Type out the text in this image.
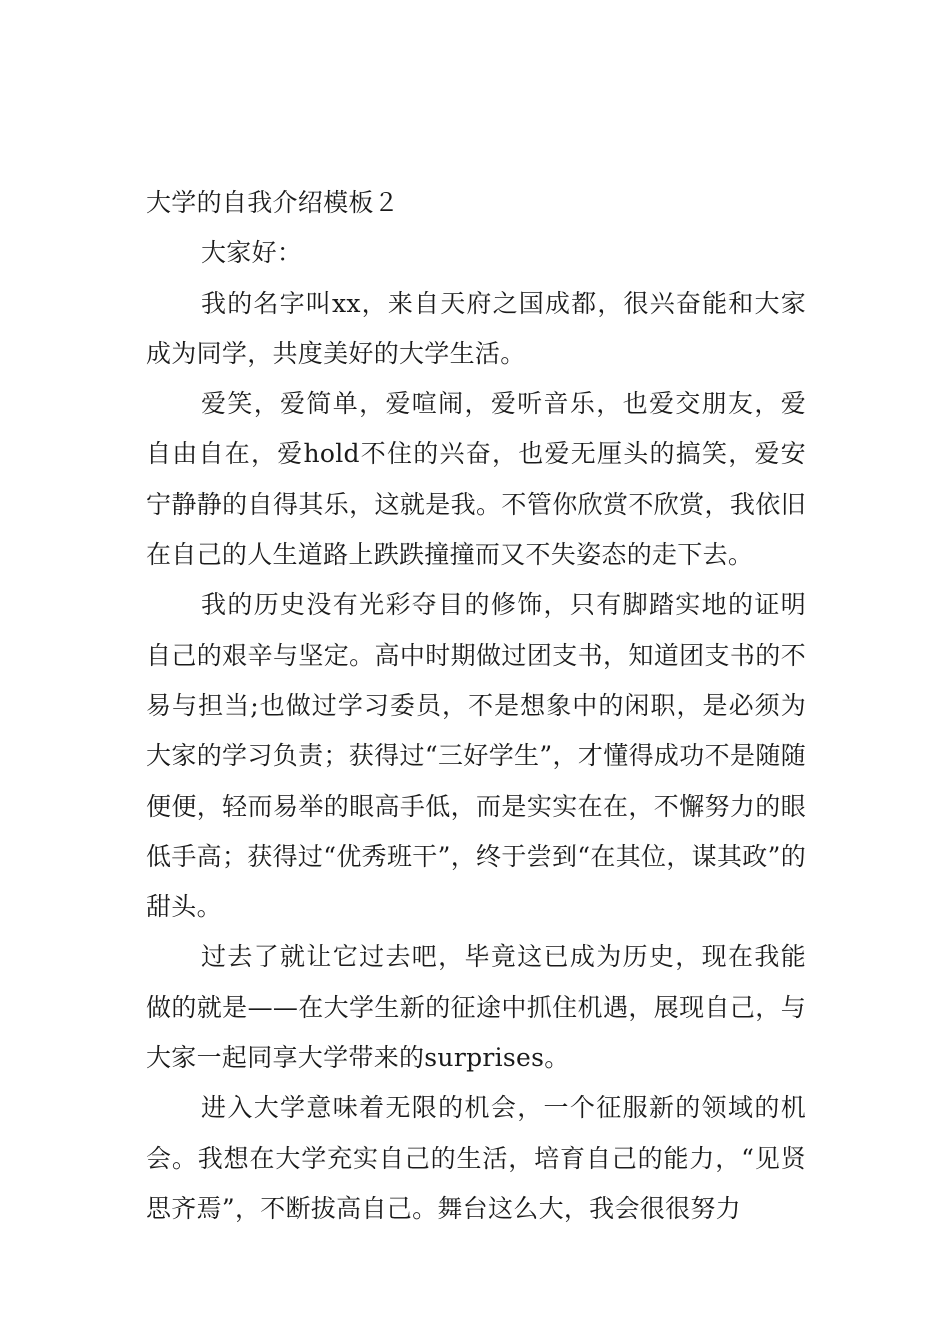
大学的自我介绍模板２

大家好：

我的名字叫xx，来自天府之国成都，很兴奋能和大家成为同学，共度美好的大学生活。

爱笑，爱简单，爱喧闹，爱听音乐，也爱交朋友，爱自由自在，爱hold不住的兴奋，也爱无厘头的搞笑，爱安宁静静的自得其乐，这就是我。不管你欣赏不欣赏，我依旧在自己的人生道路上跌跌撞撞而又不失姿态的走下去。

我的历史没有光彩夺目的修饰，只有脚踏实地的证明自己的艰辛与坚定。高中时期做过团支书，知道团支书的不易与担当;也做过学习委员，不是想象中的闲职，是必须为大家的学习负责；获得过“三好学生”，才懂得成功不是随随便便，轻而易举的眼高手低，而是实实在在，不懈努力的眼低手高；获得过“优秀班干”，终于尝到“在其位，谋其政”的甜头。

过去了就让它过去吧，毕竟这已成为历史，现在我能做的就是——在大学生新的征途中抓住机遇，展现自己，与大家一起同享大学带来的surprises。

进入大学意味着无限的机会，一个征服新的领域的机会。我想在大学充实自己的生活，培育自己的能力，“见贤思齐焉”，不断拔高自己。舞台这么大，我会很很努力
